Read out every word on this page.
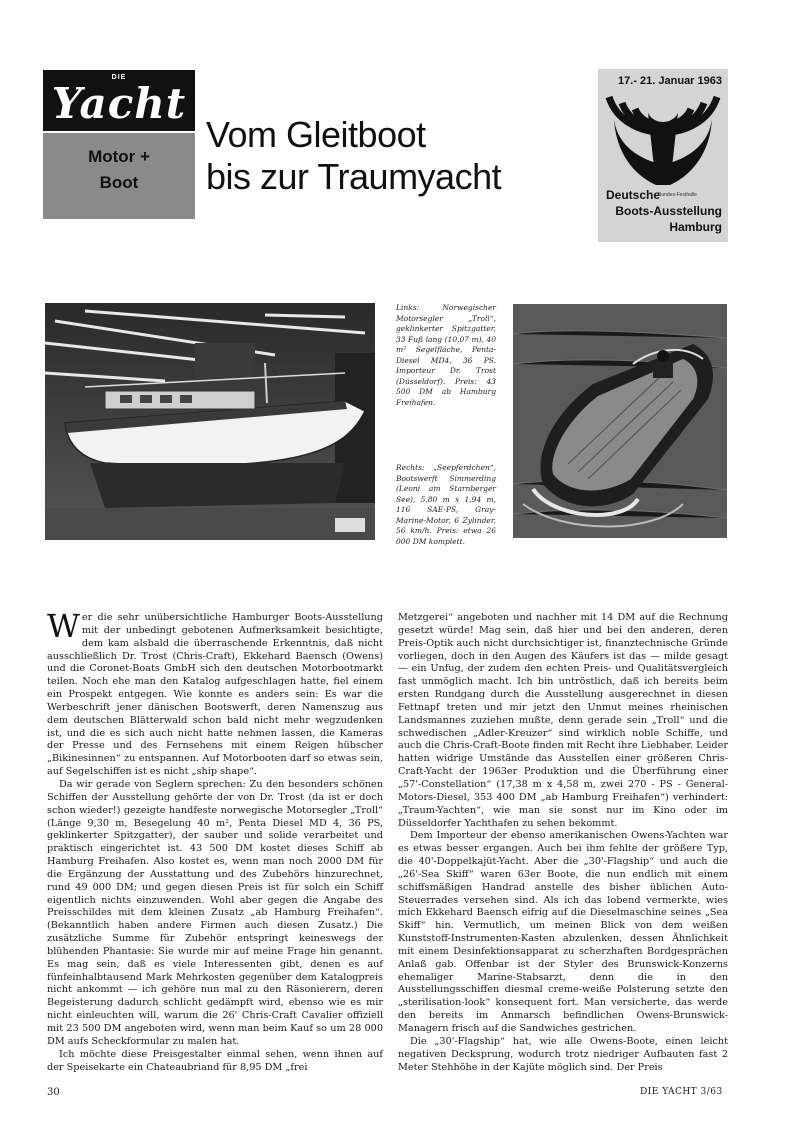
DIE
Yacht
Motor +
Boot
Vom Gleitboot
bis zur Traumyacht
17.- 21. Januar 1963
Deutsche
Bundes-Festhalle
Boots-Ausstellung
Hamburg
Links: Norwegischer Motorsegler „Troll“, geklinkerter Spitzgatter, 33 Fuß lang (10,07 m), 40 m² Segelfläche, Penta-Diesel MD4, 36 PS. Importeur Dr. Trost (Düsseldorf). Preis: 43 500 DM ab Hamburg Freihafen.
Rechts: „Seepferdchen“, Bootswerft Simmerding (Leoni am Starnberger See), 5,80 m x 1,94 m, 116 SAE-PS, Gray-Marine-Motor, 6 Zylinder, 56 km/h. Preis: etwa 26 000 DM komplett.

Wer die sehr unübersichtliche Hamburger Boots-Ausstellung mit der unbedingt gebotenen Aufmerksamkeit besichtigte, dem kam alsbald die überraschende Erkenntnis, daß nicht ausschließlich Dr. Trost (Chris-Craft), Ekkehard Baensch (Owens) und die Coronet-Boats GmbH sich den deutschen Motorbootmarkt teilen. Noch ehe man den Katalog aufgeschlagen hatte, fiel einem ein Prospekt entgegen. Wie konnte es anders sein: Es war die Werbeschrift jener dänischen Bootswerft, deren Namenszug aus dem deutschen Blätterwald schon bald nicht mehr wegzudenken ist, und die es sich auch nicht hatte nehmen lassen, die Kameras der Presse und des Fernsehens mit einem Reigen hübscher „Bikinesinnen“ zu entspannen. Auf Motorbooten darf so etwas sein, auf Segelschiffen ist es nicht „ship shape“.

Da wir gerade von Seglern sprechen: Zu den besonders schönen Schiffen der Ausstellung gehörte der von Dr. Trost (da ist er doch schon wieder!) gezeigte handfeste norwegische Motorsegler „Troll“ (Länge 9,30 m, Besegelung 40 m², Penta Diesel MD 4, 36 PS, geklinkerter Spitzgatter), der sauber und solide verarbeitet und praktisch eingerichtet ist. 43 500 DM kostet dieses Schiff ab Hamburg Freihafen. Also kostet es, wenn man noch 2000 DM für die Ergänzung der Ausstattung und des Zubehörs hinzurechnet, rund 49 000 DM; und gegen diesen Preis ist für solch ein Schiff eigentlich nichts einzuwenden. Wohl aber gegen die Angabe des Preisschildes mit dem kleinen Zusatz „ab Hamburg Freihafen“. (Bekanntlich haben andere Firmen auch diesen Zusatz.) Die zusätzliche Summe für Zubehör entspringt keineswegs der blühenden Phantasie: Sie wurde mir auf meine Frage hin genannt. Es mag sein, daß es viele Interessenten gibt, denen es auf fünfeinhalbtausend Mark Mehrkosten gegenüber dem Katalogpreis nicht ankommt — ich gehöre nun mal zu den Räsonierern, deren Begeisterung dadurch schlicht gedämpft wird, ebenso wie es mir nicht einleuchten will, warum die 26' Chris-Craft Cavalier offiziell mit 23 500 DM angeboten wird, wenn man beim Kauf so um 28 000 DM aufs Scheckformular zu malen hat.

Ich möchte diese Preisgestalter einmal sehen, wenn ihnen auf der Speisekarte ein Chateaubriand für 8,95 DM „frei

Metzgerei“ angeboten und nachher mit 14 DM auf die Rechnung gesetzt würde! Mag sein, daß hier und bei den anderen, deren Preis-Optik auch nicht durchsichtiger ist, finanztechnische Gründe vorliegen, doch in den Augen des Käufers ist das — milde gesagt — ein Unfug, der zudem den echten Preis- und Qualitätsvergleich fast unmöglich macht. Ich bin untröstlich, daß ich bereits beim ersten Rundgang durch die Ausstellung ausgerechnet in diesen Fettnapf treten und mir jetzt den Unmut meines rheinischen Landsmannes zuziehen mußte, denn gerade sein „Troll“ und die schwedischen „Adler-Kreuzer“ sind wirklich noble Schiffe, und auch die Chris-Craft-Boote finden mit Recht ihre Liebhaber. Leider hatten widrige Umstände das Ausstellen einer größeren Chris-Craft-Yacht der 1963er Produktion und die Überführung einer „57'-Constellation“ (17,38 m x 4,58 m, zwei 270 - PS - General-Motors-Diesel, 353 400 DM „ab Hamburg Freihafen“) verhindert: „Traum-Yachten“, wie man sie sonst nur im Kino oder im Düsseldorfer Yachthafen zu sehen bekommt.

Dem Importeur der ebenso amerikanischen Owens-Yachten war es etwas besser ergangen. Auch bei ihm fehlte der größere Typ, die 40'-Doppelkajüt-Yacht. Aber die „30'-Flagship“ und auch die „26'-Sea Skiff“ waren 63er Boote, die nun endlich mit einem schiffsmäßigen Handrad anstelle des bisher üblichen Auto-Steuerrades versehen sind. Als ich das lobend vermerkte, wies mich Ekkehard Baensch eifrig auf die Dieselmaschine seines „Sea Skiff“ hin. Vermutlich, um meinen Blick von dem weißen Kunststoff-Instrumenten-Kasten abzulenken, dessen Ähnlichkeit mit einem Desinfektionsapparat zu scherzhaften Bordgesprächen Anlaß gab. Offenbar ist der Styler des Brunswick-Konzerns ehemaliger Marine-Stabsarzt, denn die in den Ausstellungsschiffen diesmal creme-weiße Polsterung setzte den „sterilisation-look“ konsequent fort. Man versicherte, das werde den bereits im Anmarsch befindlichen Owens-Brunswick-Managern frisch auf die Sandwiches gestrichen.

Die „30'-Flagship“ hat, wie alle Owens-Boote, einen leicht negativen Decksprung, wodurch trotz niedriger Aufbauten fast 2 Meter Stehhöhe in der Kajüte möglich sind. Der Preis

30	DIE YACHT 3/63
